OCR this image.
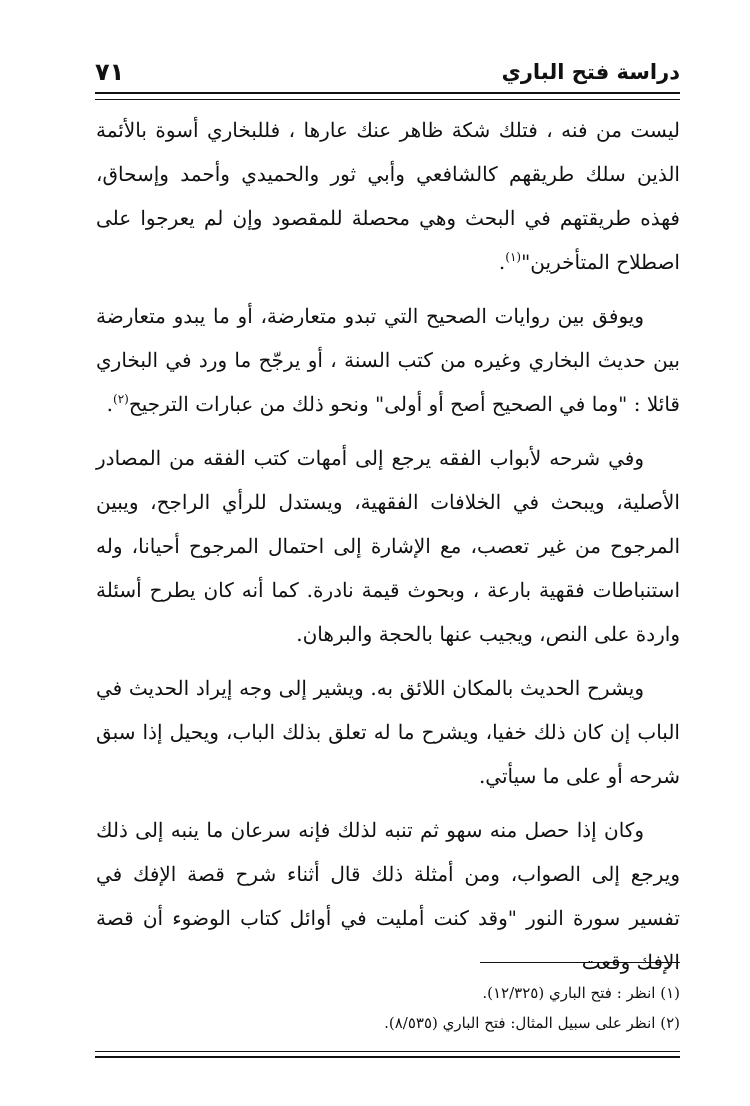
دراسة فتح الباري
٧١

ليست من فنه ، فتلك شكة ظاهر عنك عارها ، فللبخاري أسوة بالأئمة الذين سلك طريقهم كالشافعي وأبي ثور والحميدي وأحمد وإسحاق، فهذه طريقتهم في البحث وهي محصلة للمقصود وإن لم يعرجوا على اصطلاح المتأخرين"$^{(١)}$.

ويوفق بين روايات الصحيح التي تبدو متعارضة، أو ما يبدو متعارضة بين حديث البخاري وغيره من كتب السنة ، أو يرجّح ما ورد في البخاري قائلا : "وما في الصحيح أصح أو أولى" ونحو ذلك من عبارات الترجيح$^{(٢)}$.

وفي شرحه لأبواب الفقه يرجع إلى أمهات كتب الفقه من المصادر الأصلية، ويبحث في الخلافات الفقهية، ويستدل للرأي الراجح، ويبين المرجوح من غير تعصب، مع الإشارة إلى احتمال المرجوح أحيانا، وله استنباطات فقهية بارعة ، وبحوث قيمة نادرة. كما أنه كان يطرح أسئلة واردة على النص، ويجيب عنها بالحجة والبرهان.

ويشرح الحديث بالمكان اللائق به. ويشير إلى وجه إيراد الحديث في الباب إن كان ذلك خفيا، ويشرح ما له تعلق بذلك الباب، ويحيل إذا سبق شرحه أو على ما سيأتي.

وكان إذا حصل منه سهو ثم تنبه لذلك فإنه سرعان ما ينبه إلى ذلك ويرجع إلى الصواب، ومن أمثلة ذلك قال أثناء شرح قصة الإفك في تفسير سورة النور "وقد كنت أمليت في أوائل كتاب الوضوء أن قصة الإفك وقعت

(١) انظر : فتح الباري (١٢/٣٢٥).

(٢) انظر على سبيل المثال: فتح الباري (٨/٥٣٥).
